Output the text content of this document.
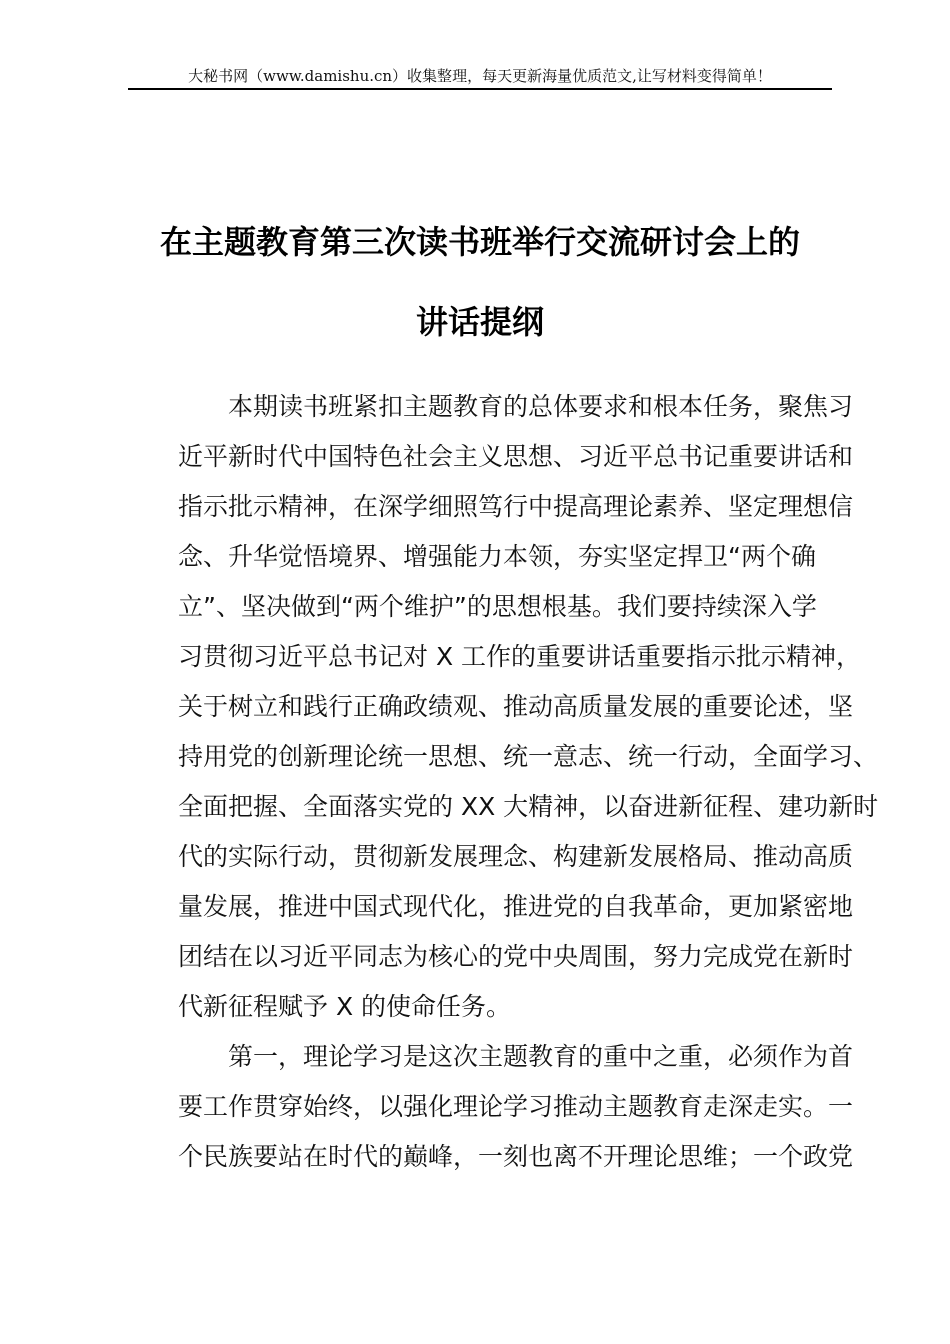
大秘书网（www.damishu.cn）收集整理，每天更新海量优质范文,让写材料变得简单！
在主题教育第三次读书班举行交流研讨会上的
讲话提纲
本期读书班紧扣主题教育的总体要求和根本任务，聚焦习
近平新时代中国特色社会主义思想、习近平总书记重要讲话和
指示批示精神，在深学细照笃行中提高理论素养、坚定理想信
念、升华觉悟境界、增强能力本领，夯实坚定捍卫“两个确
立”、坚决做到“两个维护”的思想根基。我们要持续深入学
习贯彻习近平总书记对 X 工作的重要讲话重要指示批示精神，
关于树立和践行正确政绩观、推动高质量发展的重要论述，坚
持用党的创新理论统一思想、统一意志、统一行动，全面学习、
全面把握、全面落实党的 XX 大精神，以奋进新征程、建功新时
代的实际行动，贯彻新发展理念、构建新发展格局、推动高质
量发展，推进中国式现代化，推进党的自我革命，更加紧密地
团结在以习近平同志为核心的党中央周围，努力完成党在新时
代新征程赋予 X 的使命任务。
第一，理论学习是这次主题教育的重中之重，必须作为首
要工作贯穿始终，以强化理论学习推动主题教育走深走实。一
个民族要站在时代的巅峰，一刻也离不开理论思维；一个政党
